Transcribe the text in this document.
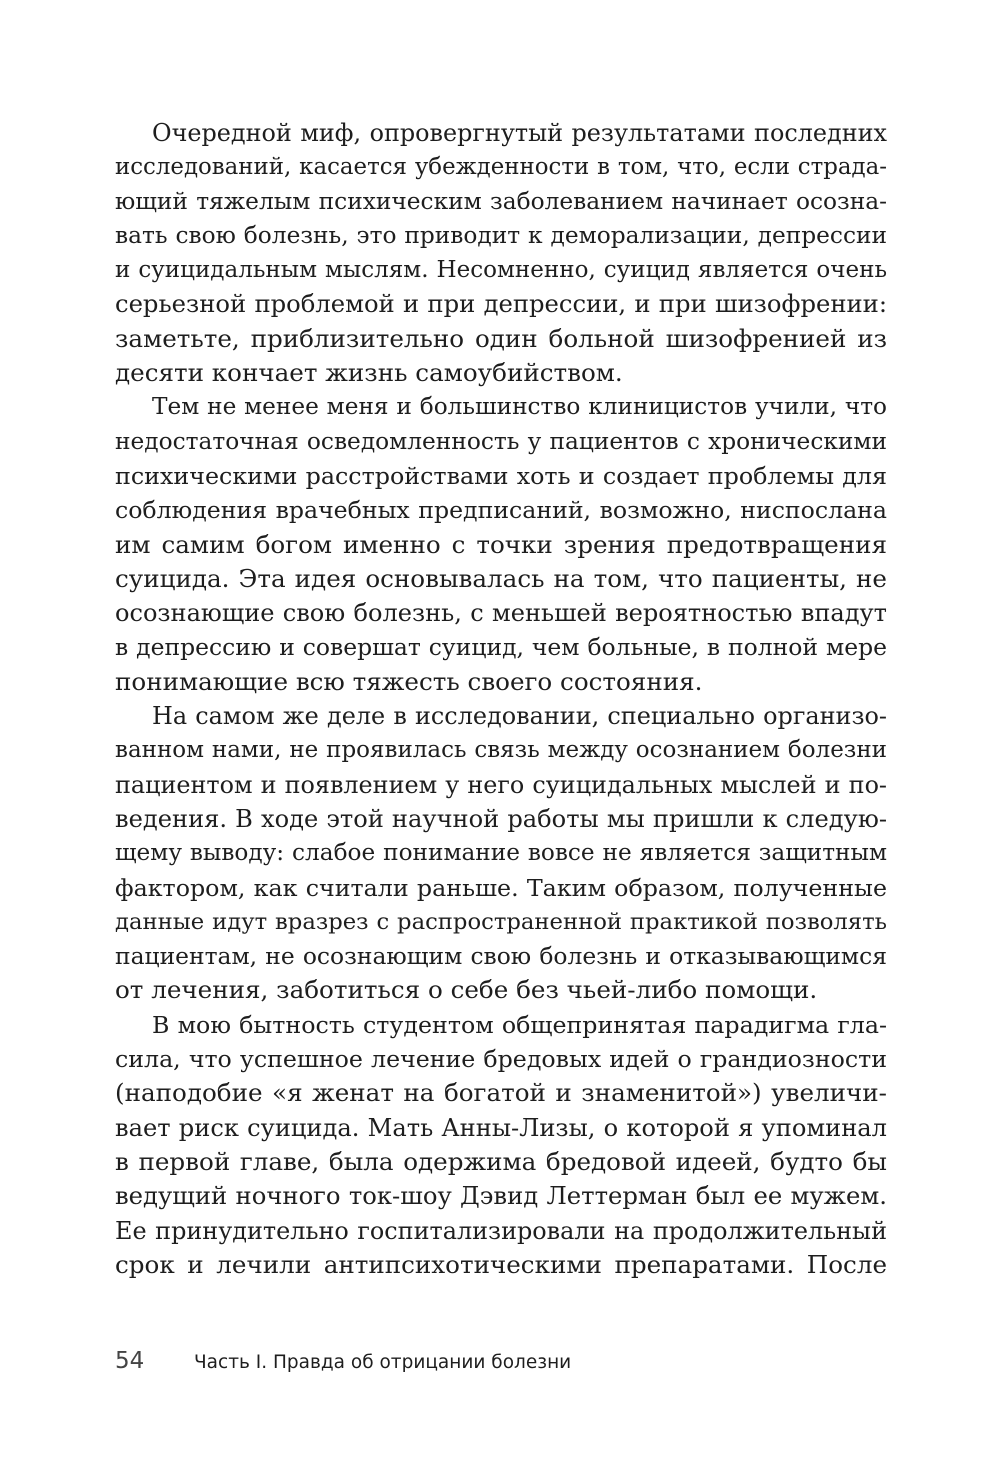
Очередной миф, опровергнутый результатами последних
исследований, касается убежденности в том, что, если страда-
ющий тяжелым психическим заболеванием начинает осозна-
вать свою болезнь, это приводит к деморализации, депрессии
и суицидальным мыслям. Несомненно, суицид является очень
серьезной проблемой и при депрессии, и при шизофрении:
заметьте, приблизительно один больной шизофренией из
десяти кончает жизнь самоубийством.
Тем не менее меня и большинство клиницистов учили, что
недостаточная осведомленность у пациентов с хроническими
психическими расстройствами хоть и создает проблемы для
соблюдения врачебных предписаний, возможно, ниспослана
им самим богом именно с точки зрения предотвращения
суицида. Эта идея основывалась на том, что пациенты, не
осознающие свою болезнь, с меньшей вероятностью впадут
в депрессию и совершат суицид, чем больные, в полной мере
понимающие всю тяжесть своего состояния.
На самом же деле в исследовании, специально организо-
ванном нами, не проявилась связь между осознанием болезни
пациентом и появлением у него суицидальных мыслей и по-
ведения. В ходе этой научной работы мы пришли к следую-
щему выводу: слабое понимание вовсе не является защитным
фактором, как считали раньше. Таким образом, полученные
данные идут вразрез с распространенной практикой позволять
пациентам, не осознающим свою болезнь и отказывающимся
от лечения, заботиться о себе без чьей-либо помощи.
В мою бытность студентом общепринятая парадигма гла-
сила, что успешное лечение бредовых идей о грандиозности
(наподобие «я женат на богатой и знаменитой») увеличи-
вает риск суицида. Мать Анны-Лизы, о которой я упоминал
в первой главе, была одержима бредовой идеей, будто бы
ведущий ночного ток-шоу Дэвид Леттерман был ее мужем.
Ее принудительно госпитализировали на продолжительный
срок и лечили антипсихотическими препаратами. После
54	Часть I. Правда об отрицании болезни
